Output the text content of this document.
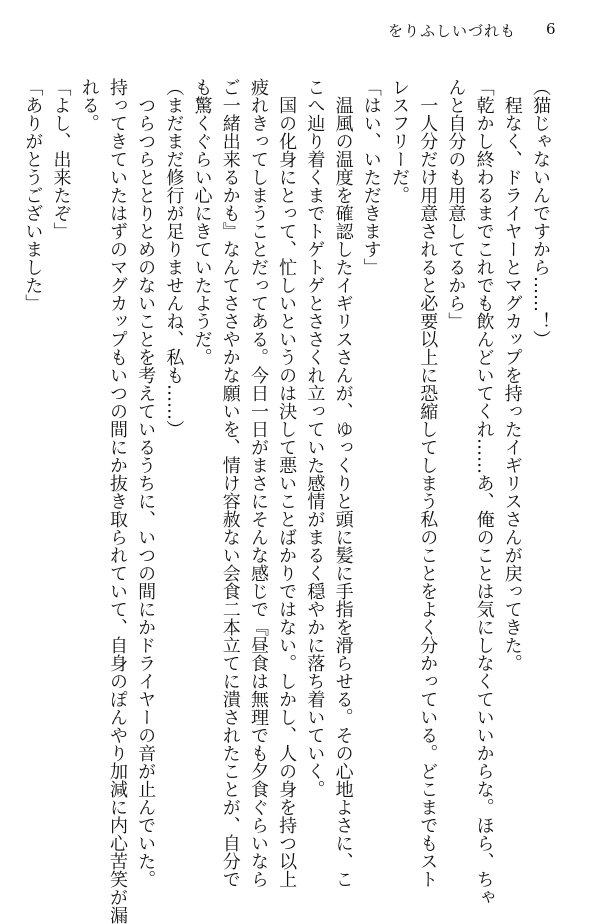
をりふしいづれも 6
（猫じゃないんですから……！）
　程なく、ドライヤーとマグカップを持ったイギリスさんが戻ってきた。
「乾かし終わるまでこれでも飲んどいてくれ……あ、俺のことは気にしなくていいからな。ほら、ちゃ
んと自分のも用意してるから」
　一人分だけ用意されると必要以上に恐縮してしまう私のことをよく分かっている。どこまでもスト
レスフリーだ。
「はい、いただきます」
　温風の温度を確認したイギリスさんが、ゆっくりと頭に髪に手指を滑らせる。その心地よさに、こ
こへ辿り着くまでトゲトゲとささくれ立っていた感情がまるく穏やかに落ち着いていく。
　国の化身にとって、忙しいというのは決して悪いことばかりではない。しかし、人の身を持つ以上
疲れきってしまうことだってある。今日一日がまさにそんな感じで『昼食は無理でも夕食ぐらいなら
ご一緒出来るかも』なんてささやかな願いを、情け容赦ない会食二本立てに潰されたことが、自分で
も驚くぐらい心にきていたようだ。
（まだまだ修行が足りませんね、私も……）
　つらつらととりとめのないことを考えているうちに、いつの間にかドライヤーの音が止んでいた。
持ってきていたはずのマグカップもいつの間にか抜き取られていて、自身のぽんやり加減に内心苦笑が漏
れる。
「よし、出来たぞ」
「ありがとうございました」
